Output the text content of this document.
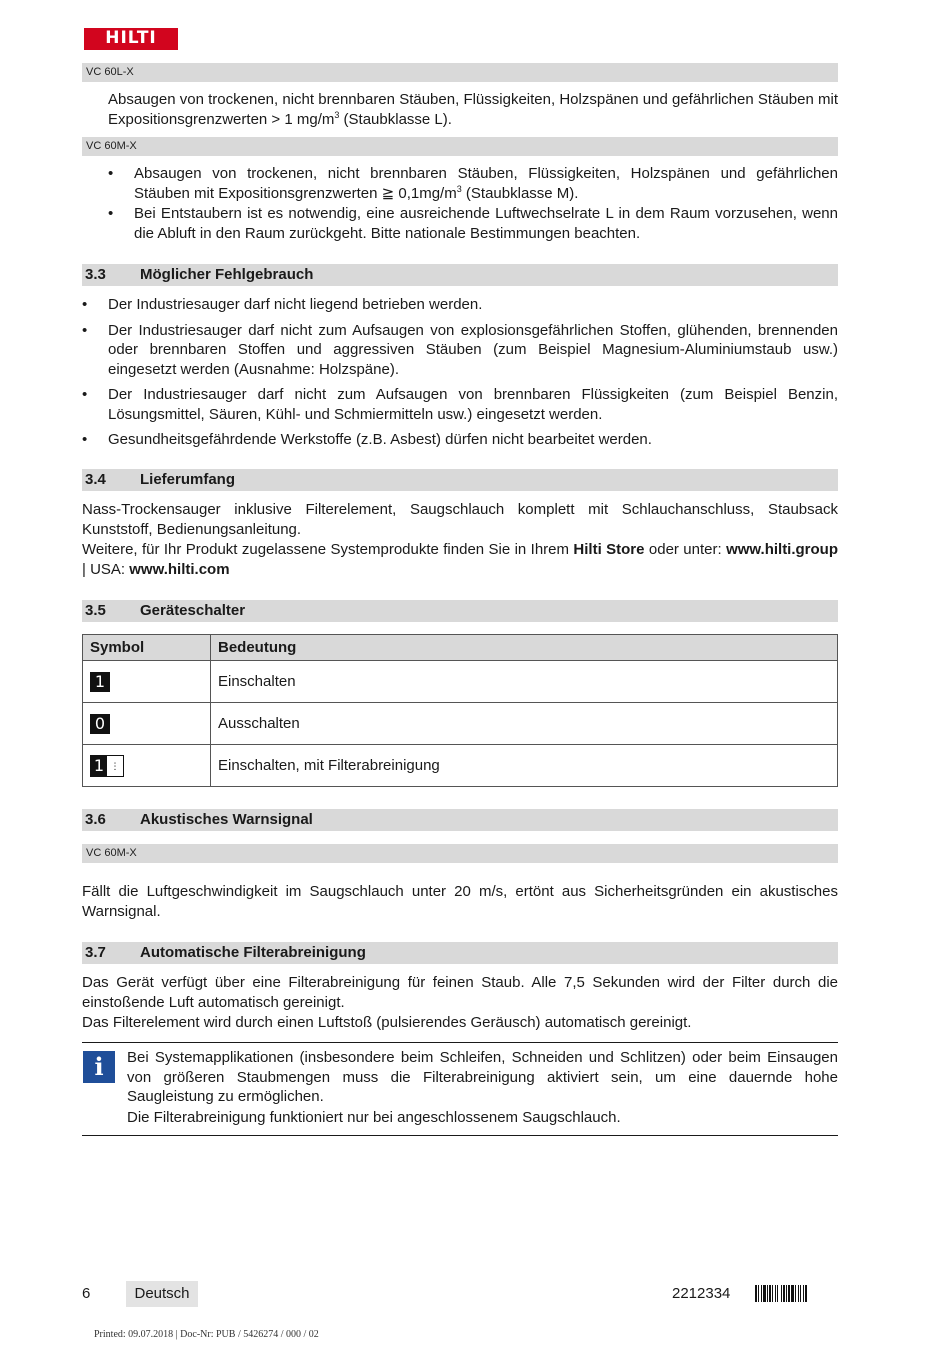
HILTI
VC 60L-X
Absaugen von trockenen, nicht brennbaren Stäuben, Flüssigkeiten, Holzspänen und gefährlichen Stäuben mit Expositionsgrenzwerten > 1 $mg/m^3$ (Staubklasse L).
VC 60M-X
• Absaugen von trockenen, nicht brennbaren Stäuben, Flüssigkeiten, Holzspänen und gefährlichen Stäuben mit Expositionsgrenzwerten ≧ $0,1mg/m^3$ (Staubklasse M).
• Bei Entstaubern ist es notwendig, eine ausreichende Luftwechselrate L in dem Raum vorzusehen, wenn die Abluft in den Raum zurückgeht. Bitte nationale Bestimmungen beachten.
3.3 Möglicher Fehlgebrauch
• Der Industriesauger darf nicht liegend betrieben werden.
• Der Industriesauger darf nicht zum Aufsaugen von explosionsgefährlichen Stoffen, glühenden, brennenden oder brennbaren Stoffen und aggressiven Stäuben (zum Beispiel Magnesium-Aluminiumstaub usw.) eingesetzt werden (Ausnahme: Holzspäne).
• Der Industriesauger darf nicht zum Aufsaugen von brennbaren Flüssigkeiten (zum Beispiel Benzin, Lösungsmittel, Säuren, Kühl- und Schmiermitteln usw.) eingesetzt werden.
• Gesundheitsgefährdende Werkstoffe (z.B. Asbest) dürfen nicht bearbeitet werden.
3.4 Lieferumfang
Nass-Trockensauger inklusive Filterelement, Saugschlauch komplett mit Schlauchanschluss, Staubsack Kunststoff, Bedienungsanleitung.
Weitere, für Ihr Produkt zugelassene Systemprodukte finden Sie in Ihrem Hilti Store oder unter: www.hilti.group | USA: www.hilti.com
3.5 Geräteschalter
Symbol	Bedeutung
1	Einschalten
0	Ausschalten

1 ⋮	Einschalten, mit Filterabreinigung
3.6 Akustisches Warnsignal
VC 60M-X
Fällt die Luftgeschwindigkeit im Saugschlauch unter 20 m/s, ertönt aus Sicherheitsgründen ein akustisches Warnsignal.
3.7 Automatische Filterabreinigung
Das Gerät verfügt über eine Filterabreinigung für feinen Staub. Alle 7,5 Sekunden wird der Filter durch die einstoßende Luft automatisch gereinigt.
Das Filterelement wird durch einen Luftstoß (pulsierendes Geräusch) automatisch gereinigt.
i	Bei Systemapplikationen (insbesondere beim Schleifen, Schneiden und Schlitzen) oder beim Einsaugen von größeren Staubmengen muss die Filterabreinigung aktiviert sein, um eine dauernde hohe Saugleistung zu ermöglichen.
Die Filterabreinigung funktioniert nur bei angeschlossenem Saugschlauch.
6	Deutsch	2212334
Printed: 09.07.2018 | Doc-Nr: PUB / 5426274 / 000 / 02
